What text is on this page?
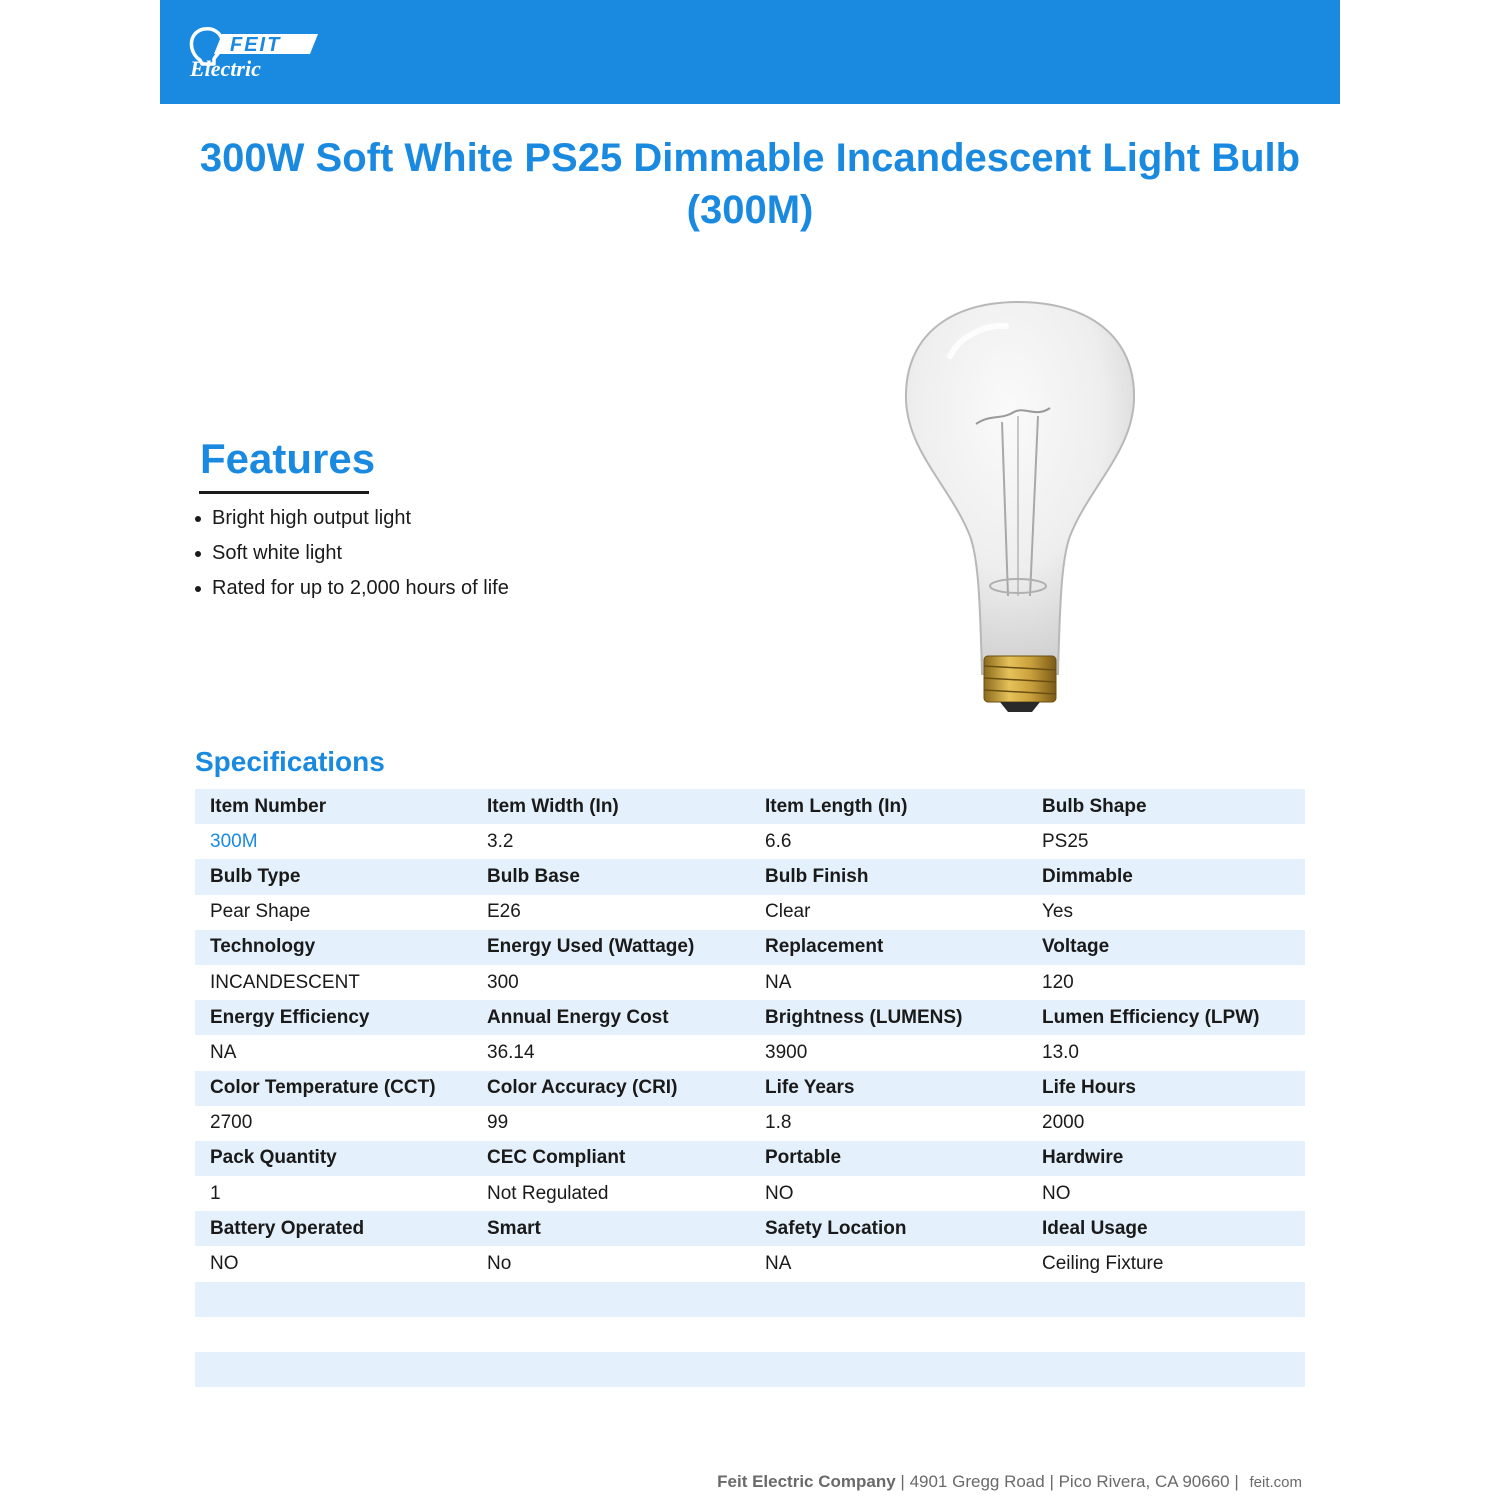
FEIT
Electric
300W Soft White PS25 Dimmable Incandescent Light Bulb (300M)
Features
Bright high output light
Soft white light
Rated for up to 2,000 hours of life
Specifications
Item Number	Item Width (In)	Item Length (In)	Bulb Shape
300M	3.2	6.6	PS25
Bulb Type	Bulb Base	Bulb Finish	Dimmable
Pear Shape	E26	Clear	Yes
Technology	Energy Used (Wattage)	Replacement	Voltage
INCANDESCENT	300	NA	120
Energy Efficiency	Annual Energy Cost	Brightness (LUMENS)	Lumen Efficiency (LPW)
NA	36.14	3900	13.0
Color Temperature (CCT)	Color Accuracy (CRI)	Life Years	Life Hours
2700	99	1.8	2000
Pack Quantity	CEC Compliant	Portable	Hardwire
1	Not Regulated	NO	NO
Battery Operated	Smart	Safety Location	Ideal Usage
NO	No	NA	Ceiling Fixture
Feit Electric Company | 4901 Gregg Road | Pico Rivera, CA 90660 | feit.com
